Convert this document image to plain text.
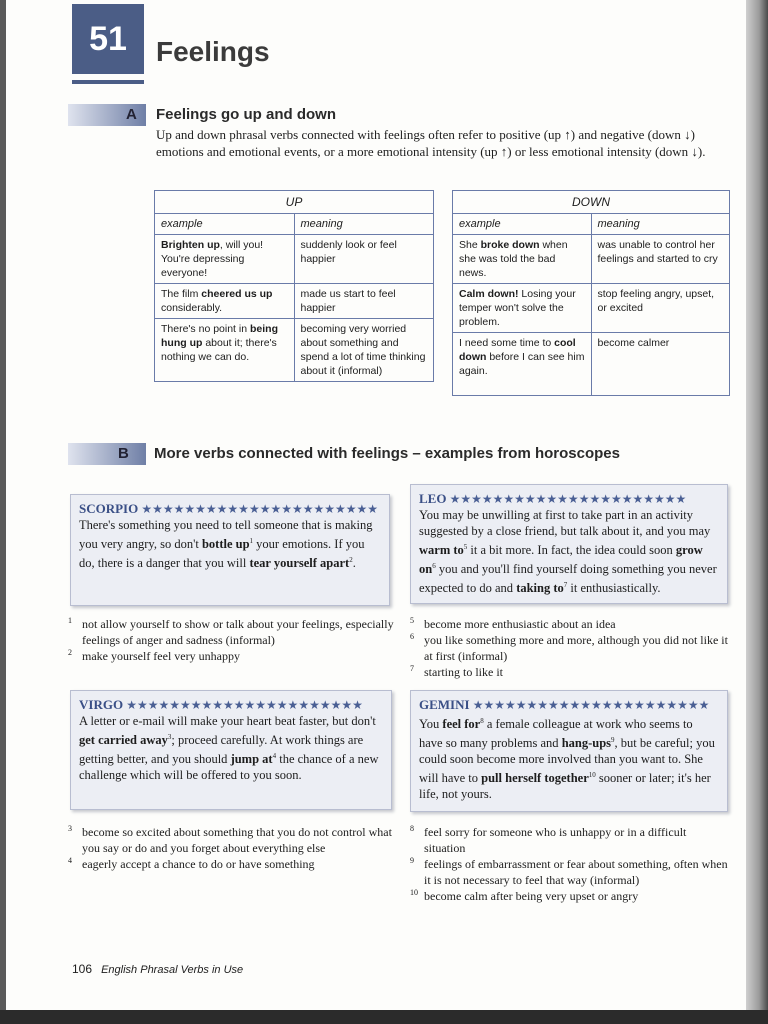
51 Feelings
A Feelings go up and down
Up and down phrasal verbs connected with feelings often refer to positive (up ↑) and negative (down ↓) emotions and emotional events, or a more emotional intensity (up ↑) or less emotional intensity (down ↓).
UP	
example	meaning
Brighten up, will you! You're depressing everyone!	suddenly look or feel happier
The film cheered us up considerably.	made us start to feel happier
There's no point in being hung up about it; there's nothing we can do.	becoming very worried about something and spend a lot of time thinking about it (informal)
DOWN	
example	meaning
She broke down when she was told the bad news.	was unable to control her feelings and started to cry
Calm down! Losing your temper won't solve the problem.	stop feeling angry, upset, or excited
I need some time to cool down before I can see him again.	become calmer
B More verbs connected with feelings – examples from horoscopes
SCORPIO ★★★★★★★★★★★★★★★★★★★★★★
There's something you need to tell someone that is making you very angry, so don't bottle $up^1$ your emotions. If you do, there is a danger that you will tear yourself apart$^2$.
LEO ★★★★★★★★★★★★★★★★★★★★★★
You may be unwilling at first to take part in an activity suggested by a close friend, but talk about it, and you may warm $to^5$ it a bit more. In fact, the idea could soon grow $on^6$ you and you'll find yourself doing something you never expected to do and taking $to^7$ it enthusiastically.
1 not allow yourself to show or talk about your feelings, especially feelings of anger and sadness (informal)
2 make yourself feel very unhappy
5 become more enthusiastic about an idea
6 you like something more and more, although you did not like it at first (informal)
7 starting to like it
VIRGO ★★★★★★★★★★★★★★★★★★★★★★
A letter or e-mail will make your heart beat faster, but don't get carried away$^3$; proceed carefully. At work things are getting better, and you should jump $at^4$ the chance of a new challenge which will be offered to you soon.
GEMINI ★★★★★★★★★★★★★★★★★★★★★★
You feel for$^8$ a female colleague at work who seems to have so many problems and hang-ups$^9$, but be careful; you could soon become more involved than you want to. She will have to pull herself together$^{10}$ sooner or later; it's her life, not yours.
3 become so excited about something that you do not control what you say or do and you forget about everything else
4 eagerly accept a chance to do or have something
8 feel sorry for someone who is unhappy or in a difficult situation
9 feelings of embarrassment or fear about something, often when it is not necessary to feel that way (informal)
10 become calm after being very upset or angry
106 English Phrasal Verbs in Use
